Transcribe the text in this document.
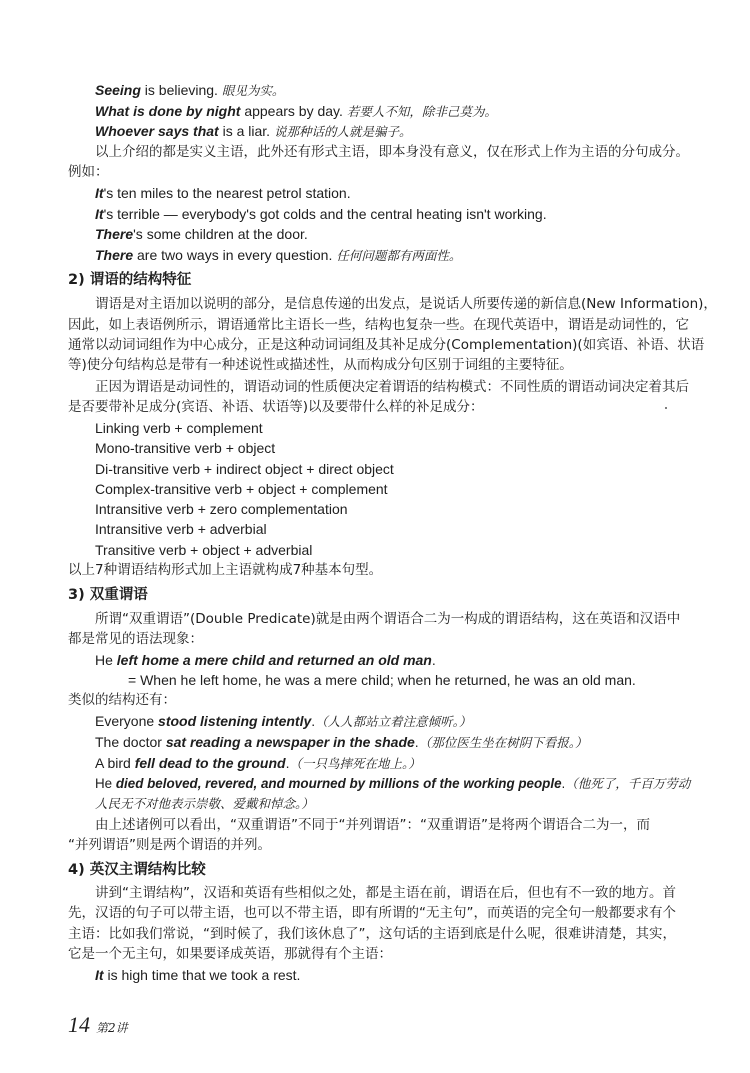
Seeing is believing. 眼见为实。
What is done by night appears by day. 若要人不知，除非己莫为。
Whoever says that is a liar. 说那种话的人就是骗子。
以上介绍的都是实义主语，此外还有形式主语，即本身没有意义，仅在形式上作为主语的分句成分。
例如：
It's ten miles to the nearest petrol station.
It's terrible — everybody's got colds and the central heating isn't working.
There's some children at the door.
There are two ways in every question. 任何问题都有两面性。
2) 谓语的结构特征
谓语是对主语加以说明的部分，是信息传递的出发点，是说话人所要传递的新信息(New Information)，
因此，如上表语例所示，谓语通常比主语长一些，结构也复杂一些。在现代英语中，谓语是动词性的，它
通常以动词词组作为中心成分，正是这种动词词组及其补足成分(Complementation)(如宾语、补语、状语
等)使分句结构总是带有一种述说性或描述性，从而构成分句区别于词组的主要特征。
正因为谓语是动词性的，谓语动词的性质便决定着谓语的结构模式：不同性质的谓语动词决定着其后
是否要带补足成分(宾语、补语、状语等)以及要带什么样的补足成分：
Linking verb + complement
Mono-transitive verb + object
Di-transitive verb + indirect object + direct object
Complex-transitive verb + object + complement
Intransitive verb + zero complementation
Intransitive verb + adverbial
Transitive verb + object + adverbial
以上7种谓语结构形式加上主语就构成7种基本句型。
3) 双重谓语
所谓“双重谓语”(Double Predicate)就是由两个谓语合二为一构成的谓语结构，这在英语和汉语中
都是常见的语法现象：
He left home a mere child and returned an old man.
= When he left home, he was a mere child; when he returned, he was an old man.
类似的结构还有：
Everyone stood listening intently.（人人都站立着注意倾听。）
The doctor sat reading a newspaper in the shade.（那位医生坐在树阴下看报。）
A bird fell dead to the ground.（一只鸟摔死在地上。）
He died beloved, revered, and mourned by millions of the working people.（他死了，千百万劳动
人民无不对他表示崇敬、爱戴和悼念。）
由上述诸例可以看出，“双重谓语”不同于“并列谓语”：“双重谓语”是将两个谓语合二为一，而
“并列谓语”则是两个谓语的并列。
4) 英汉主谓结构比较
讲到“主谓结构”，汉语和英语有些相似之处，都是主语在前，谓语在后，但也有不一致的地方。首
先，汉语的句子可以带主语，也可以不带主语，即有所谓的“无主句”，而英语的完全句一般都要求有个
主语：比如我们常说，“到时候了，我们该休息了”，这句话的主语到底是什么呢，很难讲清楚，其实，
它是一个无主句，如果要译成英语，那就得有个主语：
It is high time that we took a rest.
14 第2讲
